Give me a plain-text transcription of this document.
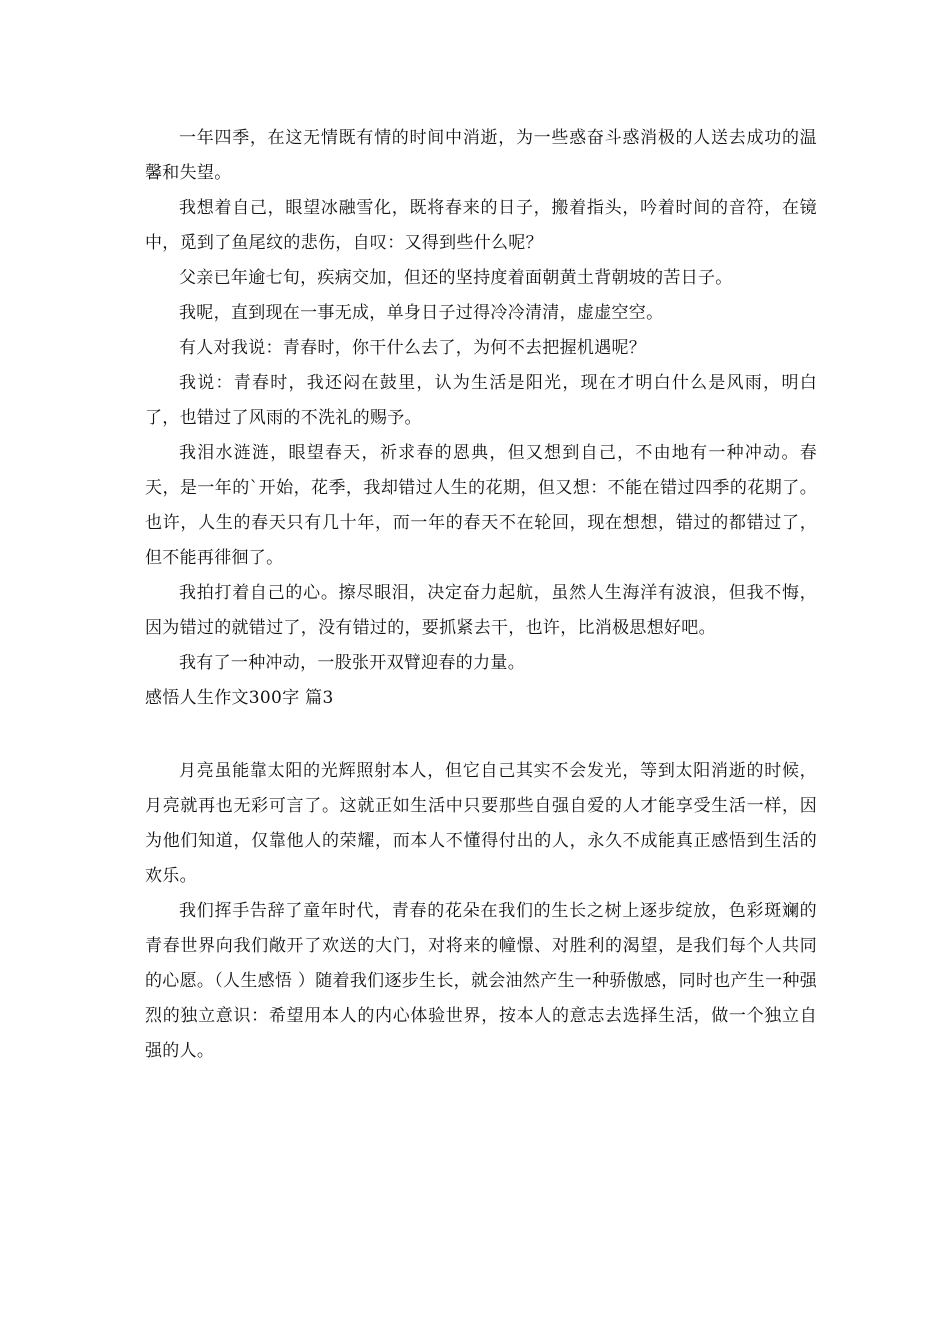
一年四季，在这无情既有情的时间中消逝，为一些惑奋斗惑消极的人送去成功的温馨和失望。

我想着自己，眼望冰融雪化，既将春来的日子，搬着指头，吟着时间的音符，在镜中，觅到了鱼尾纹的悲伤，自叹：又得到些什么呢？

父亲已年逾七旬，疾病交加，但还的坚持度着面朝黄土背朝坡的苦日子。

我呢，直到现在一事无成，单身日子过得冷冷清清，虚虚空空。

有人对我说：青春时，你干什么去了，为何不去把握机遇呢？

我说：青春时，我还闷在鼓里，认为生活是阳光，现在才明白什么是风雨，明白了，也错过了风雨的不洗礼的赐予。

我泪水涟涟，眼望春天，祈求春的恩典，但又想到自己，不由地有一种冲动。春天，是一年的`开始，花季，我却错过人生的花期，但又想：不能在错过四季的花期了。也许，人生的春天只有几十年，而一年的春天不在轮回，现在想想，错过的都错过了，但不能再徘徊了。

我拍打着自己的心。擦尽眼泪，决定奋力起航，虽然人生海洋有波浪，但我不悔，因为错过的就错过了，没有错过的，要抓紧去干，也许，比消极思想好吧。

我有了一种冲动，一股张开双臂迎春的力量。

感悟人生作文300字 篇3

月亮虽能靠太阳的光辉照射本人，但它自己其实不会发光，等到太阳消逝的时候，月亮就再也无彩可言了。这就正如生活中只要那些自强自爱的人才能享受生活一样，因为他们知道，仅靠他人的荣耀，而本人不懂得付出的人，永久不成能真正感悟到生活的欢乐。

我们挥手告辞了童年时代，青春的花朵在我们的生长之树上逐步绽放，色彩斑斓的青春世界向我们敞开了欢送的大门，对将来的幢憬、对胜利的渴望，是我们每个人共同的心愿。（人生感悟 ）随着我们逐步生长，就会油然产生一种骄傲感，同时也产生一种强烈的独立意识：希望用本人的内心体验世界，按本人的意志去选择生活，做一个独立自强的人。
